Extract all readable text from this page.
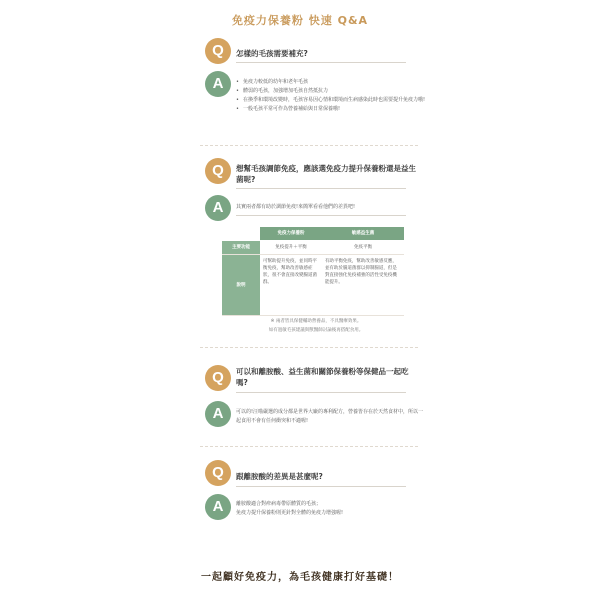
免疫力保養粉 快速 Q&A
Q	怎樣的毛孩需要補充?
A	• 免疫力較低的幼年和老年毛孩
• 體弱的毛孩，加強增加毛孩自然抵抗力
• 在換季和環境改變時，毛孩容易因心情和環境而生病感染此時也需要提升免疫力哦!
• 一般毛孩平常可作為營養補給與日常保養哦!
Q	想幫毛孩調節免疫，應該選免疫力提升保養粉還是益生菌呢?
A	其實兩者都有助於調節免疫!來簡單看看他們的差異吧!
	免疫力保養粉	敏感益生菌
主要功能	免疫提升＋平衡	免疫平衡
說明	可幫助提升免疫，並同時平衡免疫，幫助改善敏感症狀，很不會直接改變腸道菌群。	有助平衡免疫，幫助改善敏感反應，並有助於腸道菌群以抑制腸道，但是對直接強化免疫補強的活性受免疫機能提升。
※ 兩者皆具保健輔助營養品，不具醫療效果。
如有過敏毛孩建議與獸醫師討論後再搭配食用。
Q	可以和離胺酸、益生菌和關節保養粉等保健品一起吃嗎?
A	可以的!汪喵嚴選的成分都是世界大廠的專利配方，營養皆存在於天然食材中，所以一起食用不會有任何衝突和不適喔!
Q	跟離胺酸的差異是甚麼呢?
A	離胺酸適合對疹病毒帶原體質的毛孩；
免疫力提升保養粉則更針對全體的免疫力增強喔!
一起顧好免疫力，為毛孩健康打好基礎！
